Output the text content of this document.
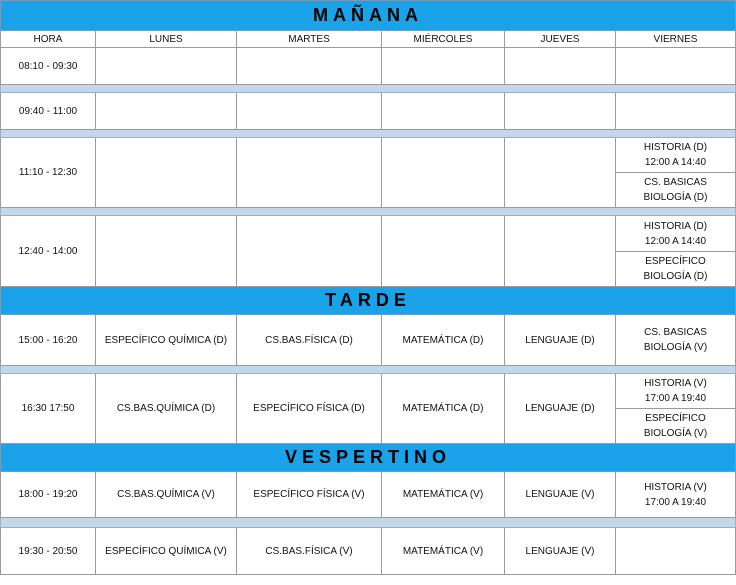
MAÑANA					
HORA	LUNES	MARTES	MIÉRCOLES	JUEVES	VIERNES
08:10 - 09:30					

09:40 - 11:00					

11:10 - 12:30					HISTORIA (D)
12:00 A 14:40

					CS. BASICAS
BIOLOGÍA (D)

12:40 - 14:00					HISTORIA (D)
12:00 A 14:40

					ESPECÍFICO
BIOLOGÍA (D)

TARDE					
15:00 - 16:20	ESPECÍFICO QUÍMICA (D)	CS.BAS.FÍSICA (D)	MATEMÁTICA (D)	LENGUAJE (D)	CS. BASICAS
BIOLOGÍA (V)

16:30 17:50	CS.BAS.QUÍMICA (D)	ESPECÍFICO FÍSICA (D)	MATEMÁTICA (D)	LENGUAJE (D)	HISTORIA (V)
17:00 A 19:40

					ESPECÍFICO
BIOLOGÍA (V)

VESPERTINO					
18:00 - 19:20	CS.BAS.QUÍMICA (V)	ESPECÍFICO FÍSICA (V)	MATEMÁTICA (V)	LENGUAJE (V)	HISTORIA (V)
17:00 A 19:40

19:30 - 20:50	ESPECÍFICO QUÍMICA (V)	CS.BAS.FÍSICA (V)	MATEMÁTICA (V)	LENGUAJE (V)	
